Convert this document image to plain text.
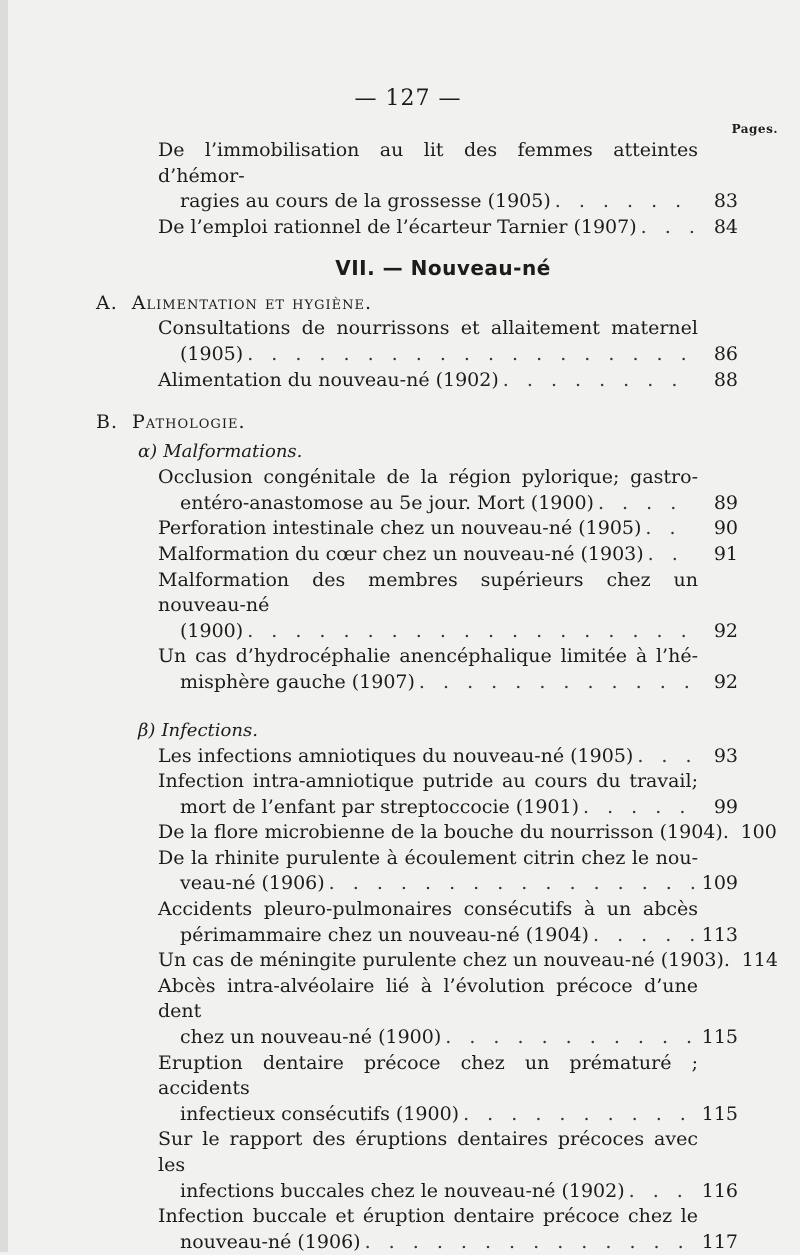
— 127 —
Pages.
De l’immobilisation au lit des femmes atteintes d’hémor-
ragies au cours de la grossesse (1905) . . .	83
De l’emploi rationnel de l’écarteur Tarnier (1907) . . .	84
VII. — Nouveau-né
A. Alimentation et hygiène.
Consultations de nourrissons et allaitement maternel
(1905) . . .	86
Alimentation du nouveau-né (1902) . . .	88
B. Pathologie.
α) Malformations.
Occlusion congénitale de la région pylorique; gastro-
entéro-anastomose au 5e jour. Mort (1900) . . .	89
Perforation intestinale chez un nouveau-né (1905) . . .	90
Malformation du cœur chez un nouveau-né (1903) . . .	91
Malformation des membres supérieurs chez un nouveau-né
(1900) . . .	92
Un cas d’hydrocéphalie anencéphalique limitée à l’hé-
misphère gauche (1907) . . .	92
β) Infections.
Les infections amniotiques du nouveau-né (1905) . . .	93
Infection intra-amniotique putride au cours du travail;
mort de l’enfant par streptoccocie (1901) . . .	99
De la flore microbienne de la bouche du nourrisson (1904). 100
De la rhinite purulente à écoulement citrin chez le nou-
veau-né (1906) . . .	109
Accidents pleuro-pulmonaires consécutifs à un abcès
périmammaire chez un nouveau-né (1904) . . .	113
Un cas de méningite purulente chez un nouveau-né (1903). 114
Abcès intra-alvéolaire lié à l’évolution précoce d’une dent
chez un nouveau-né (1900) . . .	115
Eruption dentaire précoce chez un prématuré ; accidents
infectieux consécutifs (1900) . . .	115
Sur le rapport des éruptions dentaires précoces avec les
infections buccales chez le nouveau-né (1902) . . .	116
Infection buccale et éruption dentaire précoce chez le
nouveau-né (1906) . . .	117
